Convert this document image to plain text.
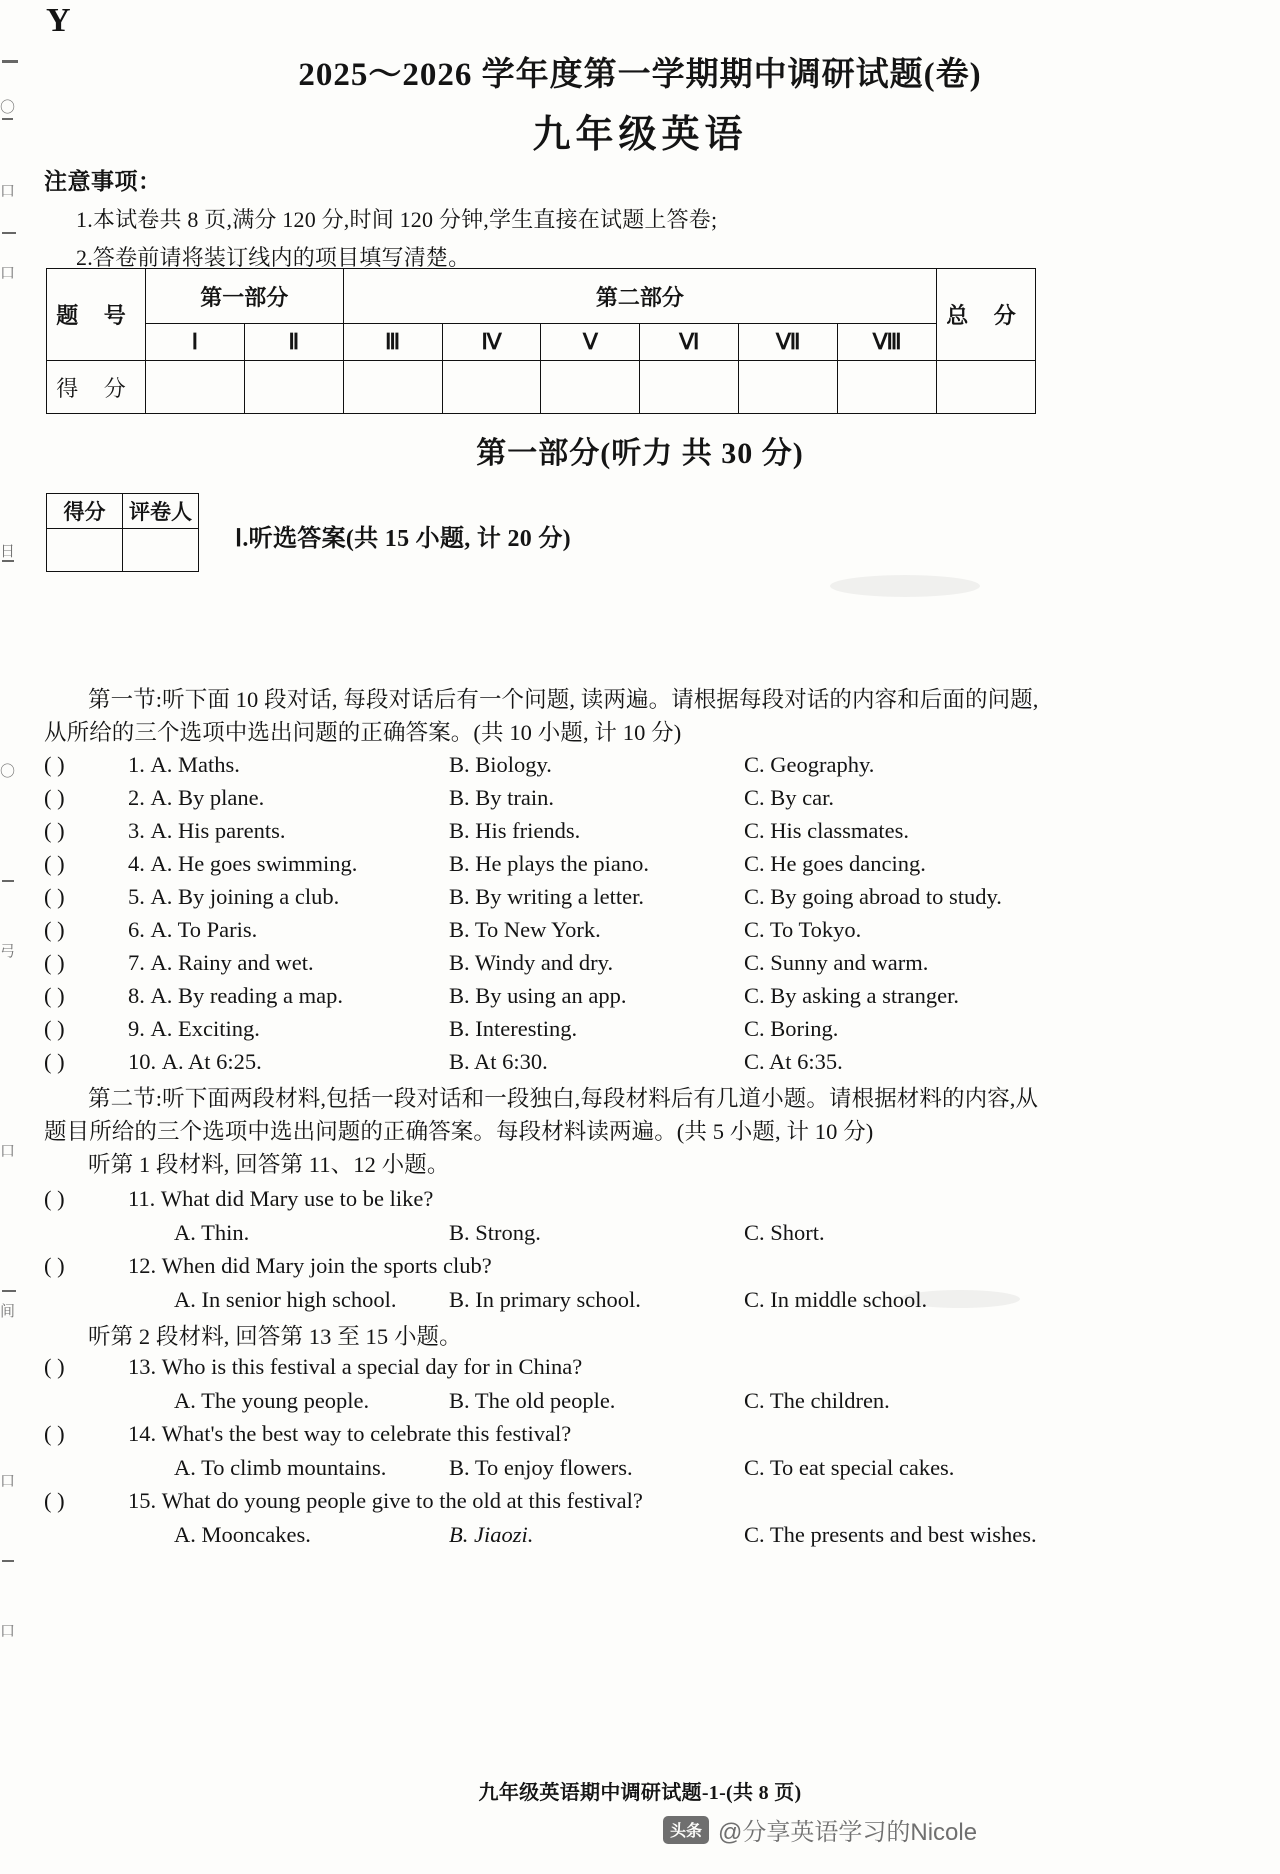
〇
口
口
日
〇
弓
口
间
口
口
Y
2025～2026 学年度第一学期期中调研试题(卷)
九年级英语
注意事项：
1.本试卷共 8 页,满分 120 分,时间 120 分钟,学生直接在试题上答卷;
2.答卷前请将装订线内的项目填写清楚。
题 号	第一部分		第二部分						总 分
	Ⅰ	Ⅱ	Ⅲ	Ⅳ	Ⅴ	Ⅵ	Ⅶ	Ⅷ	
得 分									
第一部分(听力 共 30 分)
得分	评卷人

Ⅰ.听选答案(共 15 小题, 计 20 分)
第一节:听下面 10 段对话, 每段对话后有一个问题, 读两遍。请根据每段对话的内容和后面的问题, 从所给的三个选项中选出问题的正确答案。(共 10 小题, 计 10 分)
( )	1. A. Maths.	B. Biology.	C. Geography.
( )	2. A. By plane.	B. By train.	C. By car.
( )	3. A. His parents.	B. His friends.	C. His classmates.
( )	4. A. He goes swimming.	B. He plays the piano.	C. He goes dancing.
( )	5. A. By joining a club.	B. By writing a letter.	C. By going abroad to study.
( )	6. A. To Paris.	B. To New York.	C. To Tokyo.
( )	7. A. Rainy and wet.	B. Windy and dry.	C. Sunny and warm.
( )	8. A. By reading a map.	B. By using an app.	C. By asking a stranger.
( )	9. A. Exciting.	B. Interesting.	C. Boring.
( )	10. A. At 6:25.	B. At 6:30.	C. At 6:35.
第二节:听下面两段材料,包括一段对话和一段独白,每段材料后有几道小题。请根据材料的内容,从题目所给的三个选项中选出问题的正确答案。每段材料读两遍。(共 5 小题, 计 10 分)
听第 1 段材料, 回答第 11、12 小题。
( )	11. What did Mary use to be like?
A. Thin.	B. Strong.	C. Short.
( )	12. When did Mary join the sports club?
A. In senior high school. B. In primary school.	C. In middle school.
听第 2 段材料, 回答第 13 至 15 小题。
( )	13. Who is this festival a special day for in China?
A. The young people.	B. The old people.	C. The children.
( )	14. What's the best way to celebrate this festival?
A. To climb mountains.	B. To enjoy flowers.	C. To eat special cakes.
( )	15. What do young people give to the old at this festival?
A. Mooncakes.	B. Jiaozi.	C. The presents and best wishes.
九年级英语期中调研试题-1-(共 8 页)
头条 @分享英语学习的Nicole
